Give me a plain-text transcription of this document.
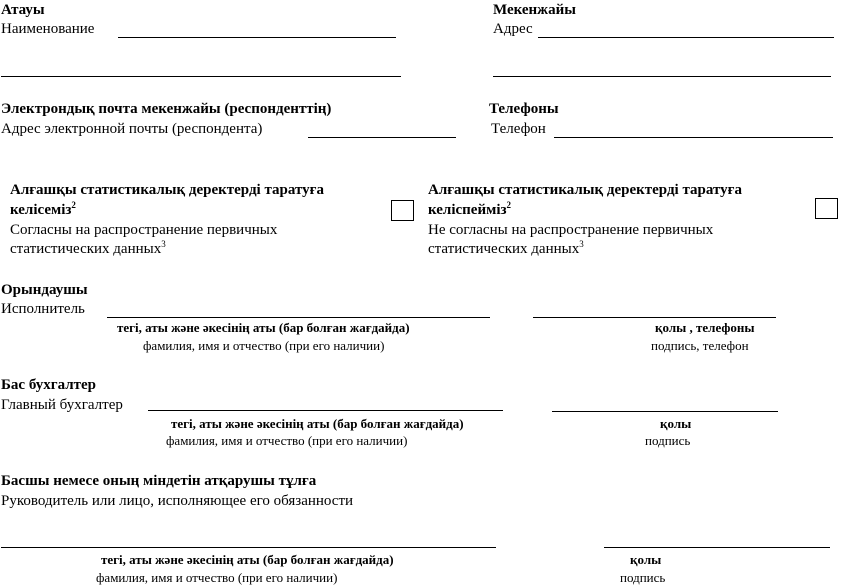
Атауы
Наименование
Мекенжайы
Адрес
Электрондық почта мекенжайы (респонденттің)
Адрес электронной почты (респондента)
Телефоны
Телефон
Алғашқы статистикалық деректерді таратуға
келісеміз$^2$
Согласны на распространение первичных
статистических данных$^3$
Алғашқы статистикалық деректерді таратуға
келіспейміз$^2$
Не согласны на распространение первичных
статистических данных$^3$
Орындаушы
Исполнитель
тегі, аты және әкесінің аты (бар болған жағдайда)
фамилия, имя и отчество (при его наличии)
қолы , телефоны
подпись, телефон
Бас бухгалтер
Главный бухгалтер
тегі, аты және әкесінің аты (бар болған жағдайда)
фамилия, имя и отчество (при его наличии)
қолы
подпись
Басшы немесе оның міндетін атқарушы тұлға
Руководитель или лицо, исполняющее его обязанности
тегі, аты және әкесінің аты (бар болған жағдайда)
фамилия, имя и отчество (при его наличии)
қолы
подпись
